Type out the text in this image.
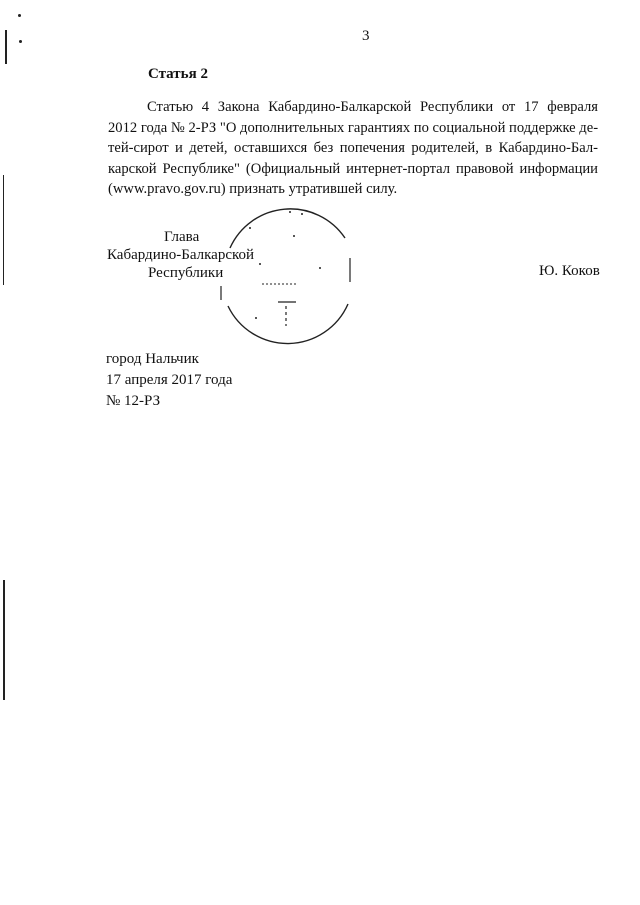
3
Статья 2
Статью 4 Закона Кабардино-Балкарской Республики от 17 февраля
2012 года № 2-РЗ "О дополнительных гарантиях по социальной поддержке де-
тей-сирот и детей, оставшихся без попечения родителей, в Кабардино-Бал-
карской Республике" (Официальный интернет-портал правовой информации
(www.pravo.gov.ru) признать утратившей силу.
Глава
Кабардино-Балкарской
Республики	Ю. Коков
город Нальчик
17 апреля 2017 года
№ 12-РЗ
